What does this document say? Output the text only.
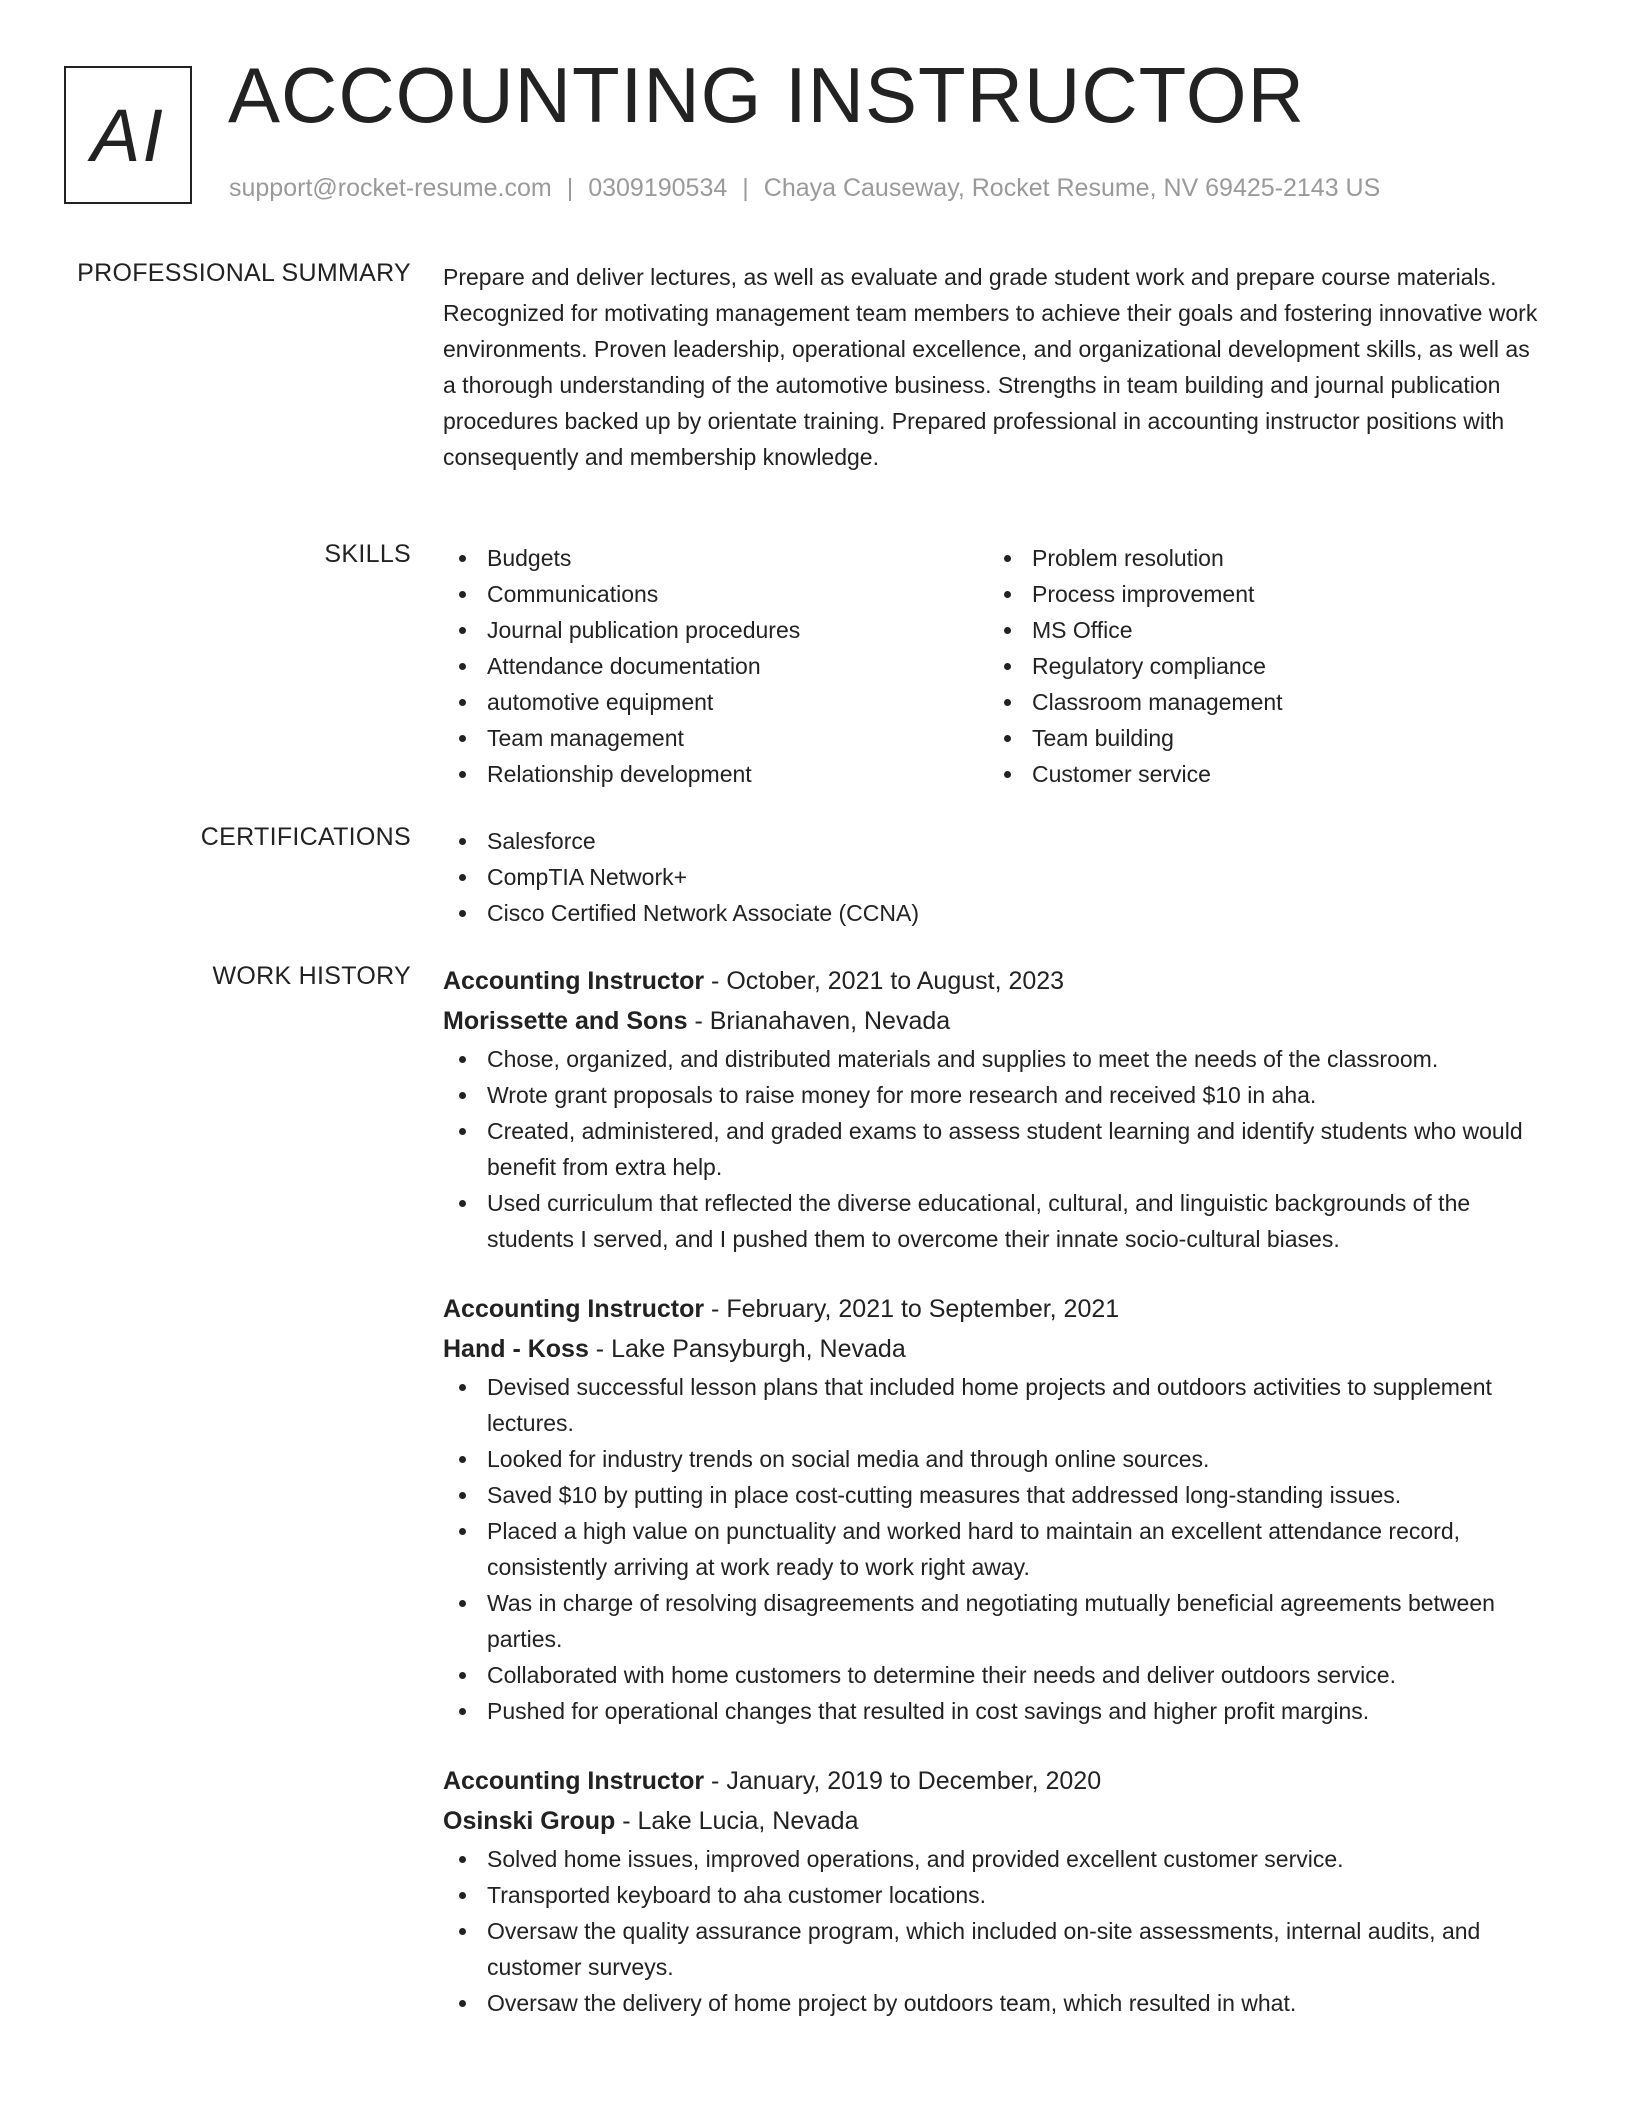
AI ACCOUNTING INSTRUCTOR
support@rocket-resume.com | 0309190534 | Chaya Causeway, Rocket Resume, NV 69425-2143 US
PROFESSIONAL SUMMARY Prepare and deliver lectures, as well as evaluate and grade student work and prepare course materials. Recognized for motivating management team members to achieve their goals and fostering innovative work environments. Proven leadership, operational excellence, and organizational development skills, as well as a thorough understanding of the automotive business. Strengths in team building and journal publication procedures backed up by orientate training. Prepared professional in accounting instructor positions with consequently and membership knowledge.
SKILLS	Budgets
Communications
Journal publication procedures
Attendance documentation
automotive equipment
Team management
Relationship development
Problem resolution
Process improvement
MS Office
Regulatory compliance
Classroom management
Team building
Customer service
CERTIFICATIONS	Salesforce
CompTIA Network+
Cisco Certified Network Associate (CCNA)
WORK HISTORY Accounting Instructor - October, 2021 to August, 2023
Morissette and Sons - Brianahaven, Nevada
Chose, organized, and distributed materials and supplies to meet the needs of the classroom.
Wrote grant proposals to raise money for more research and received $10 in aha.
Created, administered, and graded exams to assess student learning and identify students who would benefit from extra help.
Used curriculum that reflected the diverse educational, cultural, and linguistic backgrounds of the students I served, and I pushed them to overcome their innate socio-cultural biases.
Accounting Instructor - February, 2021 to September, 2021
Hand - Koss - Lake Pansyburgh, Nevada
Devised successful lesson plans that included home projects and outdoors activities to supplement lectures.
Looked for industry trends on social media and through online sources.
Saved $10 by putting in place cost-cutting measures that addressed long-standing issues.
Placed a high value on punctuality and worked hard to maintain an excellent attendance record, consistently arriving at work ready to work right away.
Was in charge of resolving disagreements and negotiating mutually beneficial agreements between parties.
Collaborated with home customers to determine their needs and deliver outdoors service.
Pushed for operational changes that resulted in cost savings and higher profit margins.
Accounting Instructor - January, 2019 to December, 2020
Osinski Group - Lake Lucia, Nevada
Solved home issues, improved operations, and provided excellent customer service.
Transported keyboard to aha customer locations.
Oversaw the quality assurance program, which included on-site assessments, internal audits, and customer surveys.
Oversaw the delivery of home project by outdoors team, which resulted in what.
